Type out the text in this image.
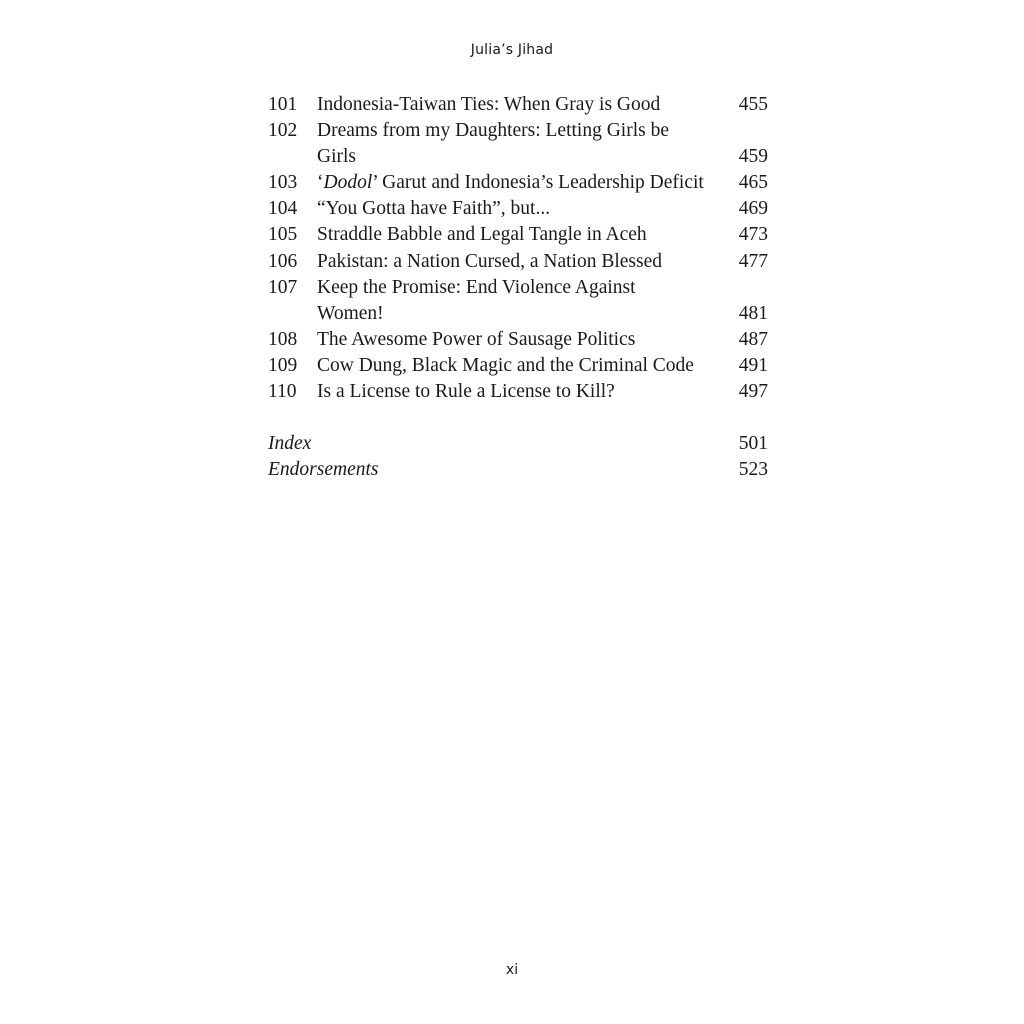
Julia’s Jihad
101	Indonesia-Taiwan Ties: When Gray is Good	455
102	Dreams from my Daughters: Letting Girls be
Girls	459
103	‘Dodol’ Garut and Indonesia’s Leadership Deficit	465
104	“You Gotta have Faith”, but...	469
105	Straddle Babble and Legal Tangle in Aceh	473
106	Pakistan: a Nation Cursed, a Nation Blessed	477
107	Keep the Promise: End Violence Against
Women!	481
108	The Awesome Power of Sausage Politics	487
109	Cow Dung, Black Magic and the Criminal Code	491
110	Is a License to Rule a License to Kill?	497
Index	501
Endorsements	523
xi
